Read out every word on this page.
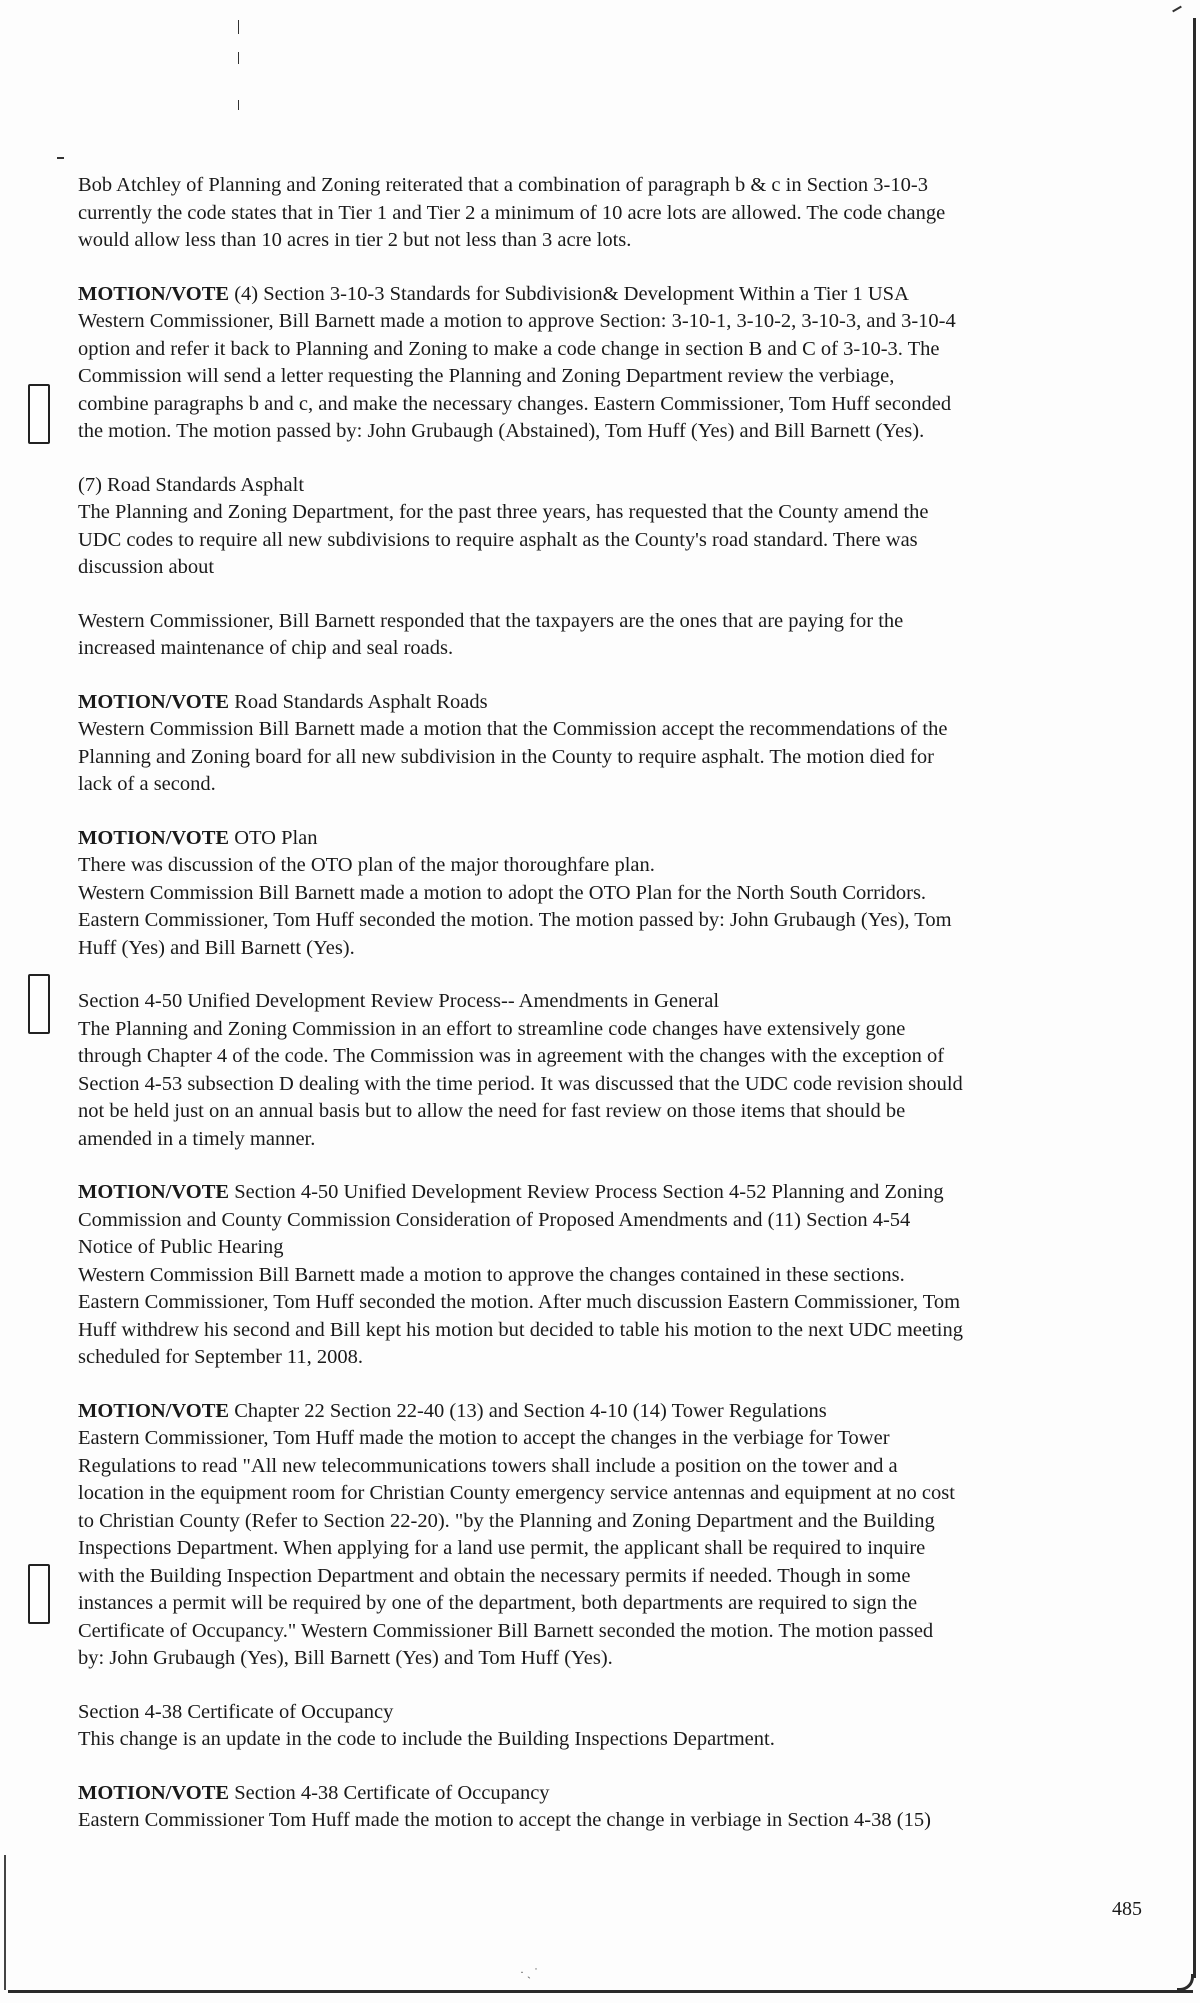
Bob Atchley of Planning and Zoning reiterated that a combination of paragraph b & c in Section 3-10-3
currently the code states that in Tier 1 and Tier 2 a minimum of 10 acre lots are allowed. The code change
would allow less than 10 acres in tier 2 but not less than 3 acre lots.
MOTION/VOTE (4) Section 3-10-3 Standards for Subdivision& Development Within a Tier 1 USA
Western Commissioner, Bill Barnett made a motion to approve Section: 3-10-1, 3-10-2, 3-10-3, and 3-10-4
option and refer it back to Planning and Zoning to make a code change in section B and C of 3-10-3. The
Commission will send a letter requesting the Planning and Zoning Department review the verbiage,
combine paragraphs b and c, and make the necessary changes. Eastern Commissioner, Tom Huff seconded
the motion. The motion passed by: John Grubaugh (Abstained), Tom Huff (Yes) and Bill Barnett (Yes).
(7) Road Standards Asphalt
The Planning and Zoning Department, for the past three years, has requested that the County amend the
UDC codes to require all new subdivisions to require asphalt as the County's road standard. There was
discussion about
Western Commissioner, Bill Barnett responded that the taxpayers are the ones that are paying for the
increased maintenance of chip and seal roads.
MOTION/VOTE Road Standards Asphalt Roads
Western Commission Bill Barnett made a motion that the Commission accept the recommendations of the
Planning and Zoning board for all new subdivision in the County to require asphalt. The motion died for
lack of a second.
MOTION/VOTE OTO Plan
There was discussion of the OTO plan of the major thoroughfare plan.
Western Commission Bill Barnett made a motion to adopt the OTO Plan for the North South Corridors.
Eastern Commissioner, Tom Huff seconded the motion. The motion passed by: John Grubaugh (Yes), Tom
Huff (Yes) and Bill Barnett (Yes).
Section 4-50 Unified Development Review Process-- Amendments in General
The Planning and Zoning Commission in an effort to streamline code changes have extensively gone
through Chapter 4 of the code. The Commission was in agreement with the changes with the exception of
Section 4-53 subsection D dealing with the time period. It was discussed that the UDC code revision should
not be held just on an annual basis but to allow the need for fast review on those items that should be
amended in a timely manner.
MOTION/VOTE Section 4-50 Unified Development Review Process Section 4-52 Planning and Zoning
Commission and County Commission Consideration of Proposed Amendments and (11) Section 4-54
Notice of Public Hearing
Western Commission Bill Barnett made a motion to approve the changes contained in these sections.
Eastern Commissioner, Tom Huff seconded the motion. After much discussion Eastern Commissioner, Tom
Huff withdrew his second and Bill kept his motion but decided to table his motion to the next UDC meeting
scheduled for September 11, 2008.
MOTION/VOTE Chapter 22 Section 22-40 (13) and Section 4-10 (14) Tower Regulations
Eastern Commissioner, Tom Huff made the motion to accept the changes in the verbiage for Tower
Regulations to read "All new telecommunications towers shall include a position on the tower and a
location in the equipment room for Christian County emergency service antennas and equipment at no cost
to Christian County (Refer to Section 22-20). "by the Planning and Zoning Department and the Building
Inspections Department. When applying for a land use permit, the applicant shall be required to inquire
with the Building Inspection Department and obtain the necessary permits if needed. Though in some
instances a permit will be required by one of the department, both departments are required to sign the
Certificate of Occupancy." Western Commissioner Bill Barnett seconded the motion. The motion passed
by: John Grubaugh (Yes), Bill Barnett (Yes) and Tom Huff (Yes).
Section 4-38 Certificate of Occupancy
This change is an update in the code to include the Building Inspections Department.
MOTION/VOTE Section 4-38 Certificate of Occupancy
Eastern Commissioner Tom Huff made the motion to accept the change in verbiage in Section 4-38 (15)
485
· ˏ ˙
